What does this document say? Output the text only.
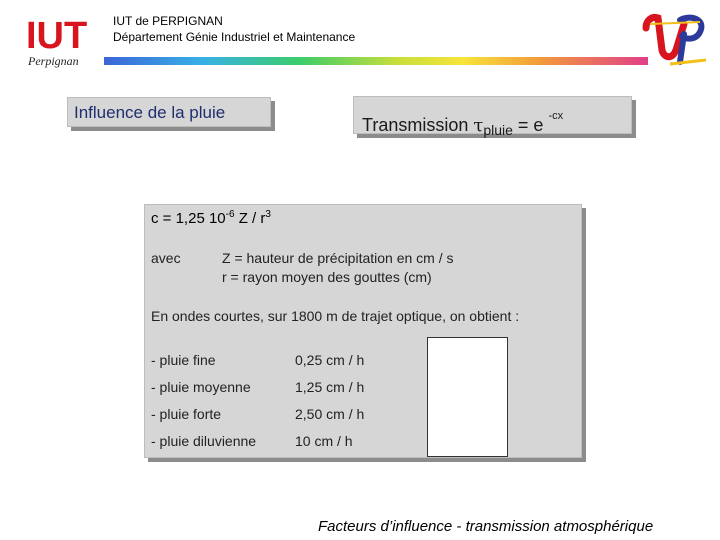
IUT
Perpignan
IUT de PERPIGNAN
Département Génie Industriel et Maintenance
Influence de la pluie
Transmission $\tau_{pluie} = e$ $^{-cx}$
c = 1,25 $10^{-6}$ Z / $r^3$
avec	Z = hauteur de précipitation en cm / s
r = rayon moyen des gouttes (cm)
En ondes courtes, sur 1800 m de trajet optique, on obtient :
- pluie fine	0,25 cm / h
- pluie moyenne	1,25 cm / h
- pluie forte	2,50 cm / h
- pluie diluvienne	10 cm / h
Facteurs d’influence - transmission atmosphérique
